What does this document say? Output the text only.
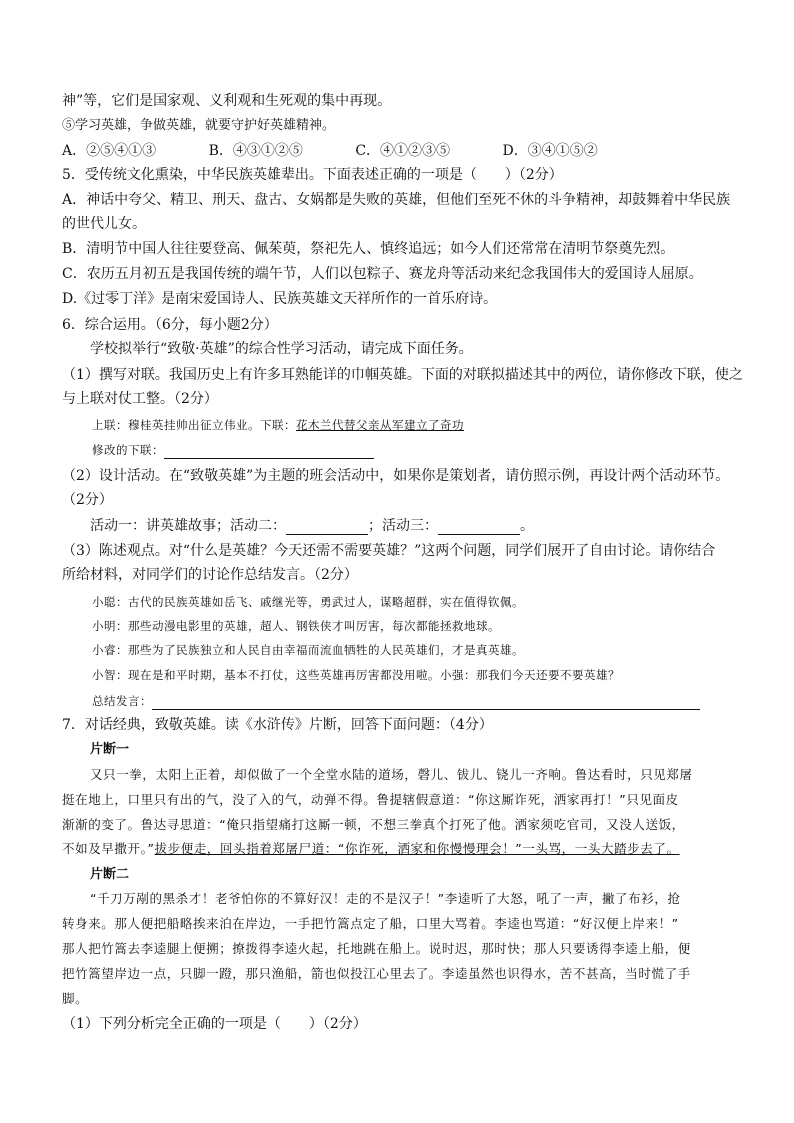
神”等，它们是国家观、义利观和生死观的集中再现。
⑤学习英雄，争做英雄，就要守护好英雄精神。
A．②⑤④①③	B．④③①②⑤	C．④①②③⑤	D．③④①⑤②
5．受传统文化熏染，中华民族英雄辈出。下面表述正确的一项是（　　）（2分）
A．神话中夸父、精卫、刑天、盘古、女娲都是失败的英雄，但他们至死不休的斗争精神，却鼓舞着中华民族
的世代儿女。
B．清明节中国人往往要登高、佩茱萸，祭祀先人、慎终追远；如今人们还常常在清明节祭奠先烈。
C．农历五月初五是我国传统的端午节，人们以包粽子、赛龙舟等活动来纪念我国伟大的爱国诗人屈原。
D.《过零丁洋》是南宋爱国诗人、民族英雄文天祥所作的一首乐府诗。
6．综合运用。（6分，每小题2分）
学校拟举行“致敬·英雄”的综合性学习活动，请完成下面任务。
（1）撰写对联。我国历史上有许多耳熟能详的巾帼英雄。下面的对联拟描述其中的两位，请你修改下联，使之
与上联对仗工整。（2分）
上联：穆桂英挂帅出征立伟业。下联：花木兰代替父亲从军建立了奇功
修改的下联：
（2）设计活动。在“致敬英雄”为主题的班会活动中，如果你是策划者，请仿照示例，再设计两个活动环节。
（2分）
活动一：讲英雄故事；活动二：	；活动三：	。
（3）陈述观点。对“什么是英雄？今天还需不需要英雄？”这两个问题，同学们展开了自由讨论。请你结合
所给材料，对同学们的讨论作总结发言。（2分）
小聪：古代的民族英雄如岳飞、戚继光等，勇武过人，谋略超群，实在值得钦佩。
小明：那些动漫电影里的英雄，超人、钢铁侠才叫厉害，每次都能拯救地球。
小睿：那些为了民族独立和人民自由幸福而流血牺牲的人民英雄们，才是真英雄。
小智：现在是和平时期，基本不打仗，这些英雄再厉害都没用啦。小强：那我们今天还要不要英雄？
总结发言：
7．对话经典，致敬英雄。读《水浒传》片断，回答下面问题：（4分）
片断一
又只一拳，太阳上正着，却似做了一个全堂水陆的道场，磬儿、钹儿、铙儿一齐响。鲁达看时，只见郑屠
挺在地上，口里只有出的气，没了入的气，动弹不得。鲁提辖假意道：“你这厮诈死，洒家再打！”只见面皮
渐渐的变了。鲁达寻思道：“俺只指望痛打这厮一顿，不想三拳真个打死了他。洒家须吃官司，又没人送饭，
不如及早撒开。”拔步便走，回头指着郑屠尸道：“你诈死，洒家和你慢慢理会！”一头骂，一头大踏步去了。
片断二
“千刀万剐的黑杀才！老爷怕你的不算好汉！走的不是汉子！”李逵听了大怒，吼了一声，撇了布衫，抢
转身来。那人便把船略挨来泊在岸边，一手把竹篙点定了船，口里大骂着。李逵也骂道：“好汉便上岸来！”
那人把竹篙去李逵腿上便搠；撩拨得李逵火起，托地跳在船上。说时迟，那时快；那人只要诱得李逵上船，便
把竹篙望岸边一点，只脚一蹬，那只渔船，箭也似投江心里去了。李逵虽然也识得水，苦不甚高，当时慌了手
脚。
（1）下列分析完全正确的一项是（　　）（2分）
